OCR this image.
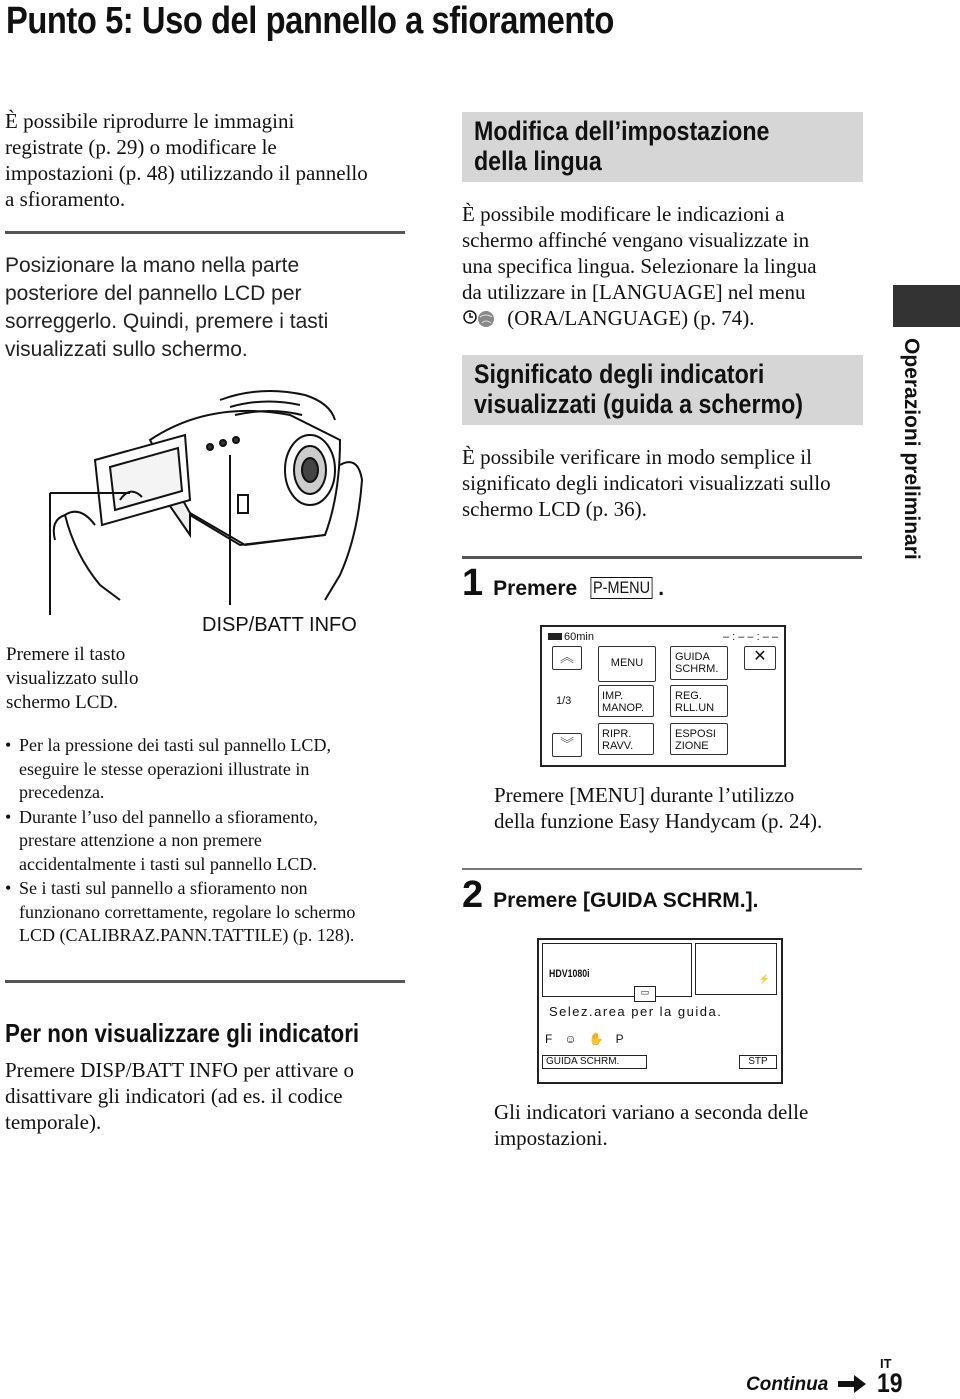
Punto 5: Uso del pannello a sfioramento
È possibile riprodurre le immagini
registrate (p. 29) o modificare le
impostazioni (p. 48) utilizzando il pannello
a sfioramento.
Posizionare la mano nella parte
posteriore del pannello LCD per
sorreggerlo. Quindi, premere i tasti
visualizzati sullo schermo.
DISP/BATT INFO
Premere il tasto
visualizzato sullo
schermo LCD.
• Per la pressione dei tasti sul pannello LCD,
eseguire le stesse operazioni illustrate in
precedenza.
• Durante l’uso del pannello a sfioramento,
prestare attenzione a non premere
accidentalmente i tasti sul pannello LCD.
• Se i tasti sul pannello a sfioramento non
funzionano correttamente, regolare lo schermo
LCD (CALIBRAZ.PANN.TATTILE) (p. 128).
Per non visualizzare gli indicatori
Premere DISP/BATT INFO per attivare o
disattivare gli indicatori (ad es. il codice
temporale).
Modifica dell’impostazione
della lingua
È possibile modificare le indicazioni a
schermo affinché vengano visualizzate in
una specifica lingua. Selezionare la lingua
da utilizzare in [LANGUAGE] nel menu
(ORA/LANGUAGE) (p. 74).
Significato degli indicatori
visualizzati (guida a schermo)
È possibile verificare in modo semplice il
significato degli indicatori visualizzati sullo
schermo LCD (p. 36).
1 Premere P-MENU .
60min	– : – – : – –
︽	MENU	GUIDA
SCHRM.
✕
1/3	IMP.
MANOP.
REG.
RLL.UN
︾
RIPR.
RAVV.
ESPOSI
ZIONE
Premere [MENU] durante l’utilizzo
della funzione Easy Handycam (p. 24).
2 Premere [GUIDA SCHRM.].
HDV1080i	⚡
▭
Selez.area per la guida.
F ☺ ✋ P
GUIDA SCHRM.	STP
Gli indicatori variano a seconda delle
impostazioni.
Operazioni preliminari
Continua
IT
19
